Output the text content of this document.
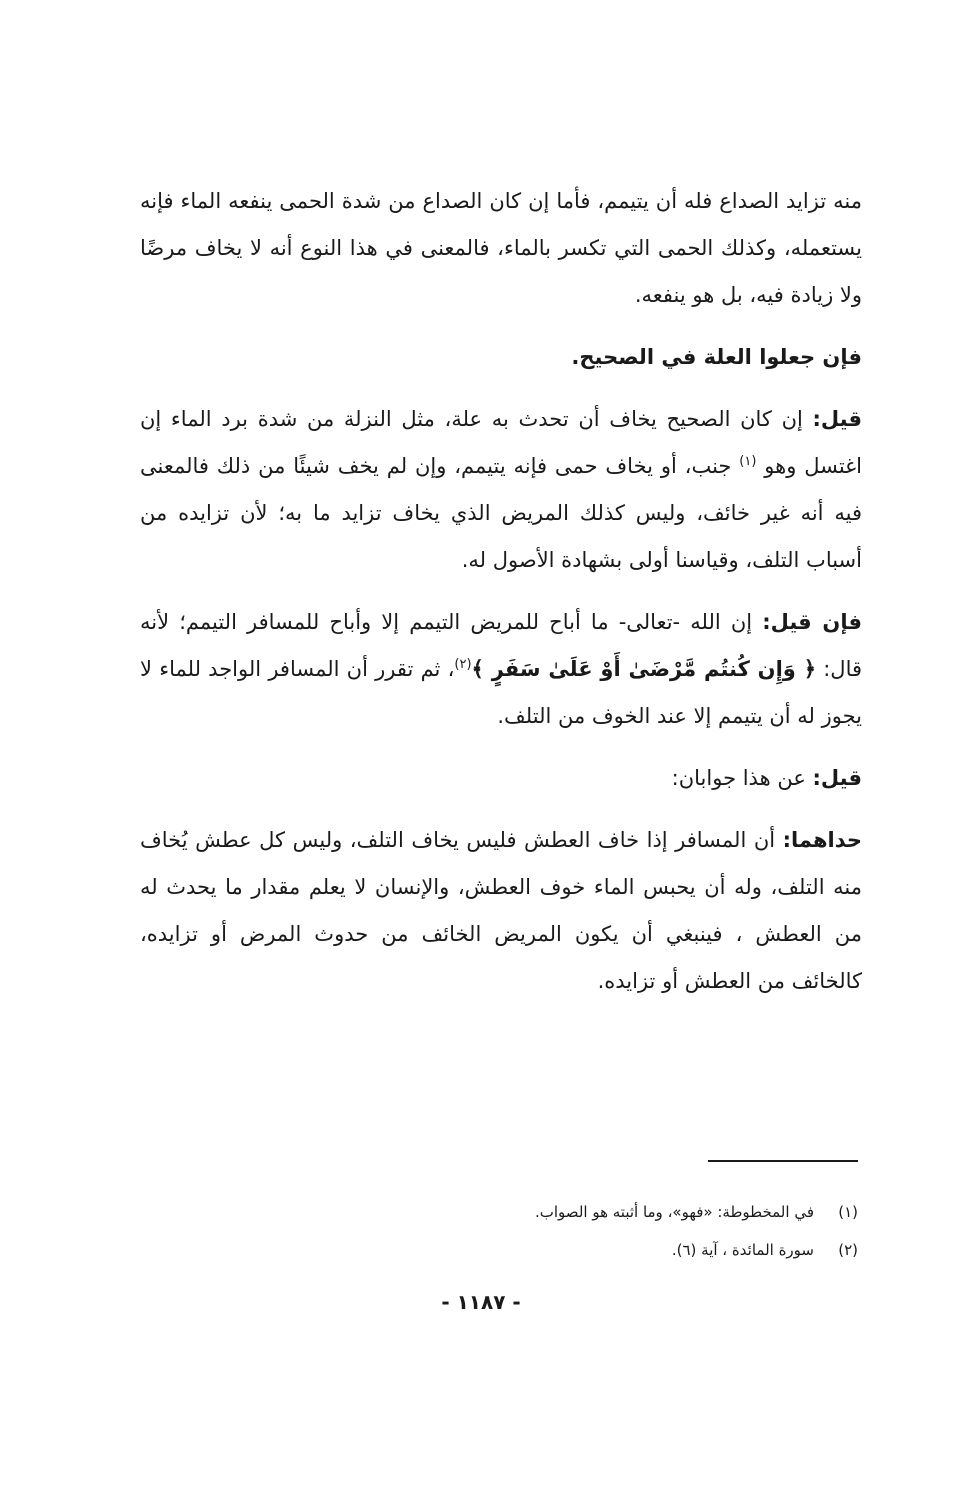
منه تزايد الصداع فله أن يتيمم، فأما إن كان الصداع من شدة الحمى ينفعه الماء فإنه يستعمله، وكذلك الحمى التي تكسر بالماء، فالمعنى في هذا النوع أنه لا يخاف مرضًا ولا زيادة فيه، بل هو ينفعه.

فإن جعلوا العلة في الصحيح.

قيل: إن كان الصحيح يخاف أن تحدث به علة، مثل النزلة من شدة برد الماء إن اغتسل وهو $^{(١)}$ جنب، أو يخاف حمى فإنه يتيمم، وإن لم يخف شيئًا من ذلك فالمعنى فيه أنه غير خائف، وليس كذلك المريض الذي يخاف تزايد ما به؛ لأن تزايده من أسباب التلف، وقياسنا أولى بشهادة الأصول له.

فإن قيل: إن الله -تعالى- ما أباح للمريض التيمم إلا وأباح للمسافر التيمم؛ لأنه قال: ﴿ وَإِن كُنتُم مَّرْضَىٰ أَوْ عَلَىٰ سَفَرٍ ﴾$^{(٢)}$، ثم تقرر أن المسافر الواجد للماء لا يجوز له أن يتيمم إلا عند الخوف من التلف.

قيل: عن هذا جوابان:

حداهما: أن المسافر إذا خاف العطش فليس يخاف التلف، وليس كل عطش يُخاف منه التلف، وله أن يحبس الماء خوف العطش، والإنسان لا يعلم مقدار ما يحدث له من العطش ، فينبغي أن يكون المريض الخائف من حدوث المرض أو تزايده، كالخائف من العطش أو تزايده.

(١)في المخطوطة: «فهو»، وما أثبته هو الصواب.
(٢)سورة المائدة ، آية (٦).
- ١١٨٧ -
